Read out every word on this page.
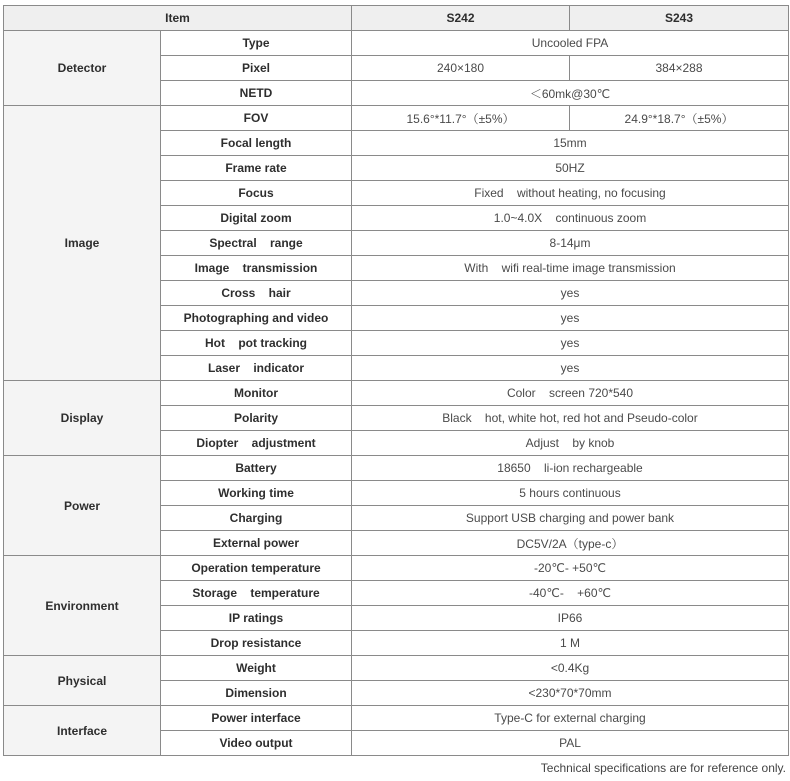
Item		S242	S243
Detector	Type	Uncooled FPA	
	Pixel	240×180	384×288
	NETD	＜60mk@30℃	
Image	FOV	15.6°*11.7°（±5%）	24.9°*18.7°（±5%）
	Focal length	15mm	
	Frame rate	50HZ	
	Focus	Fixed    without heating, no focusing	
	Digital zoom	1.0~4.0X    continuous zoom	
	Spectral    range	8-14μm	
	Image    transmission	With    wifi real-time image transmission	
	Cross    hair	yes	
	Photographing and video	yes	
	Hot    pot tracking	yes	
	Laser    indicator	yes	
Display	Monitor	Color    screen 720*540	
	Polarity	Black    hot, white hot, red hot and Pseudo-color	
	Diopter    adjustment	Adjust    by knob	
Power	Battery	18650    li-ion rechargeable	
	Working time	5 hours continuous	
	Charging	Support USB charging and power bank	
	External power	DC5V/2A（type-c）	
Environment	Operation temperature	-20℃- +50℃	
	Storage    temperature	-40℃-    +60℃	
	IP ratings	IP66	
	Drop resistance	1 M	
Physical	Weight	<0.4Kg	
	Dimension	<230*70*70mm	
Interface	Power interface	Type-C for external charging	
	Video output	PAL	
Technical specifications are for reference only.
